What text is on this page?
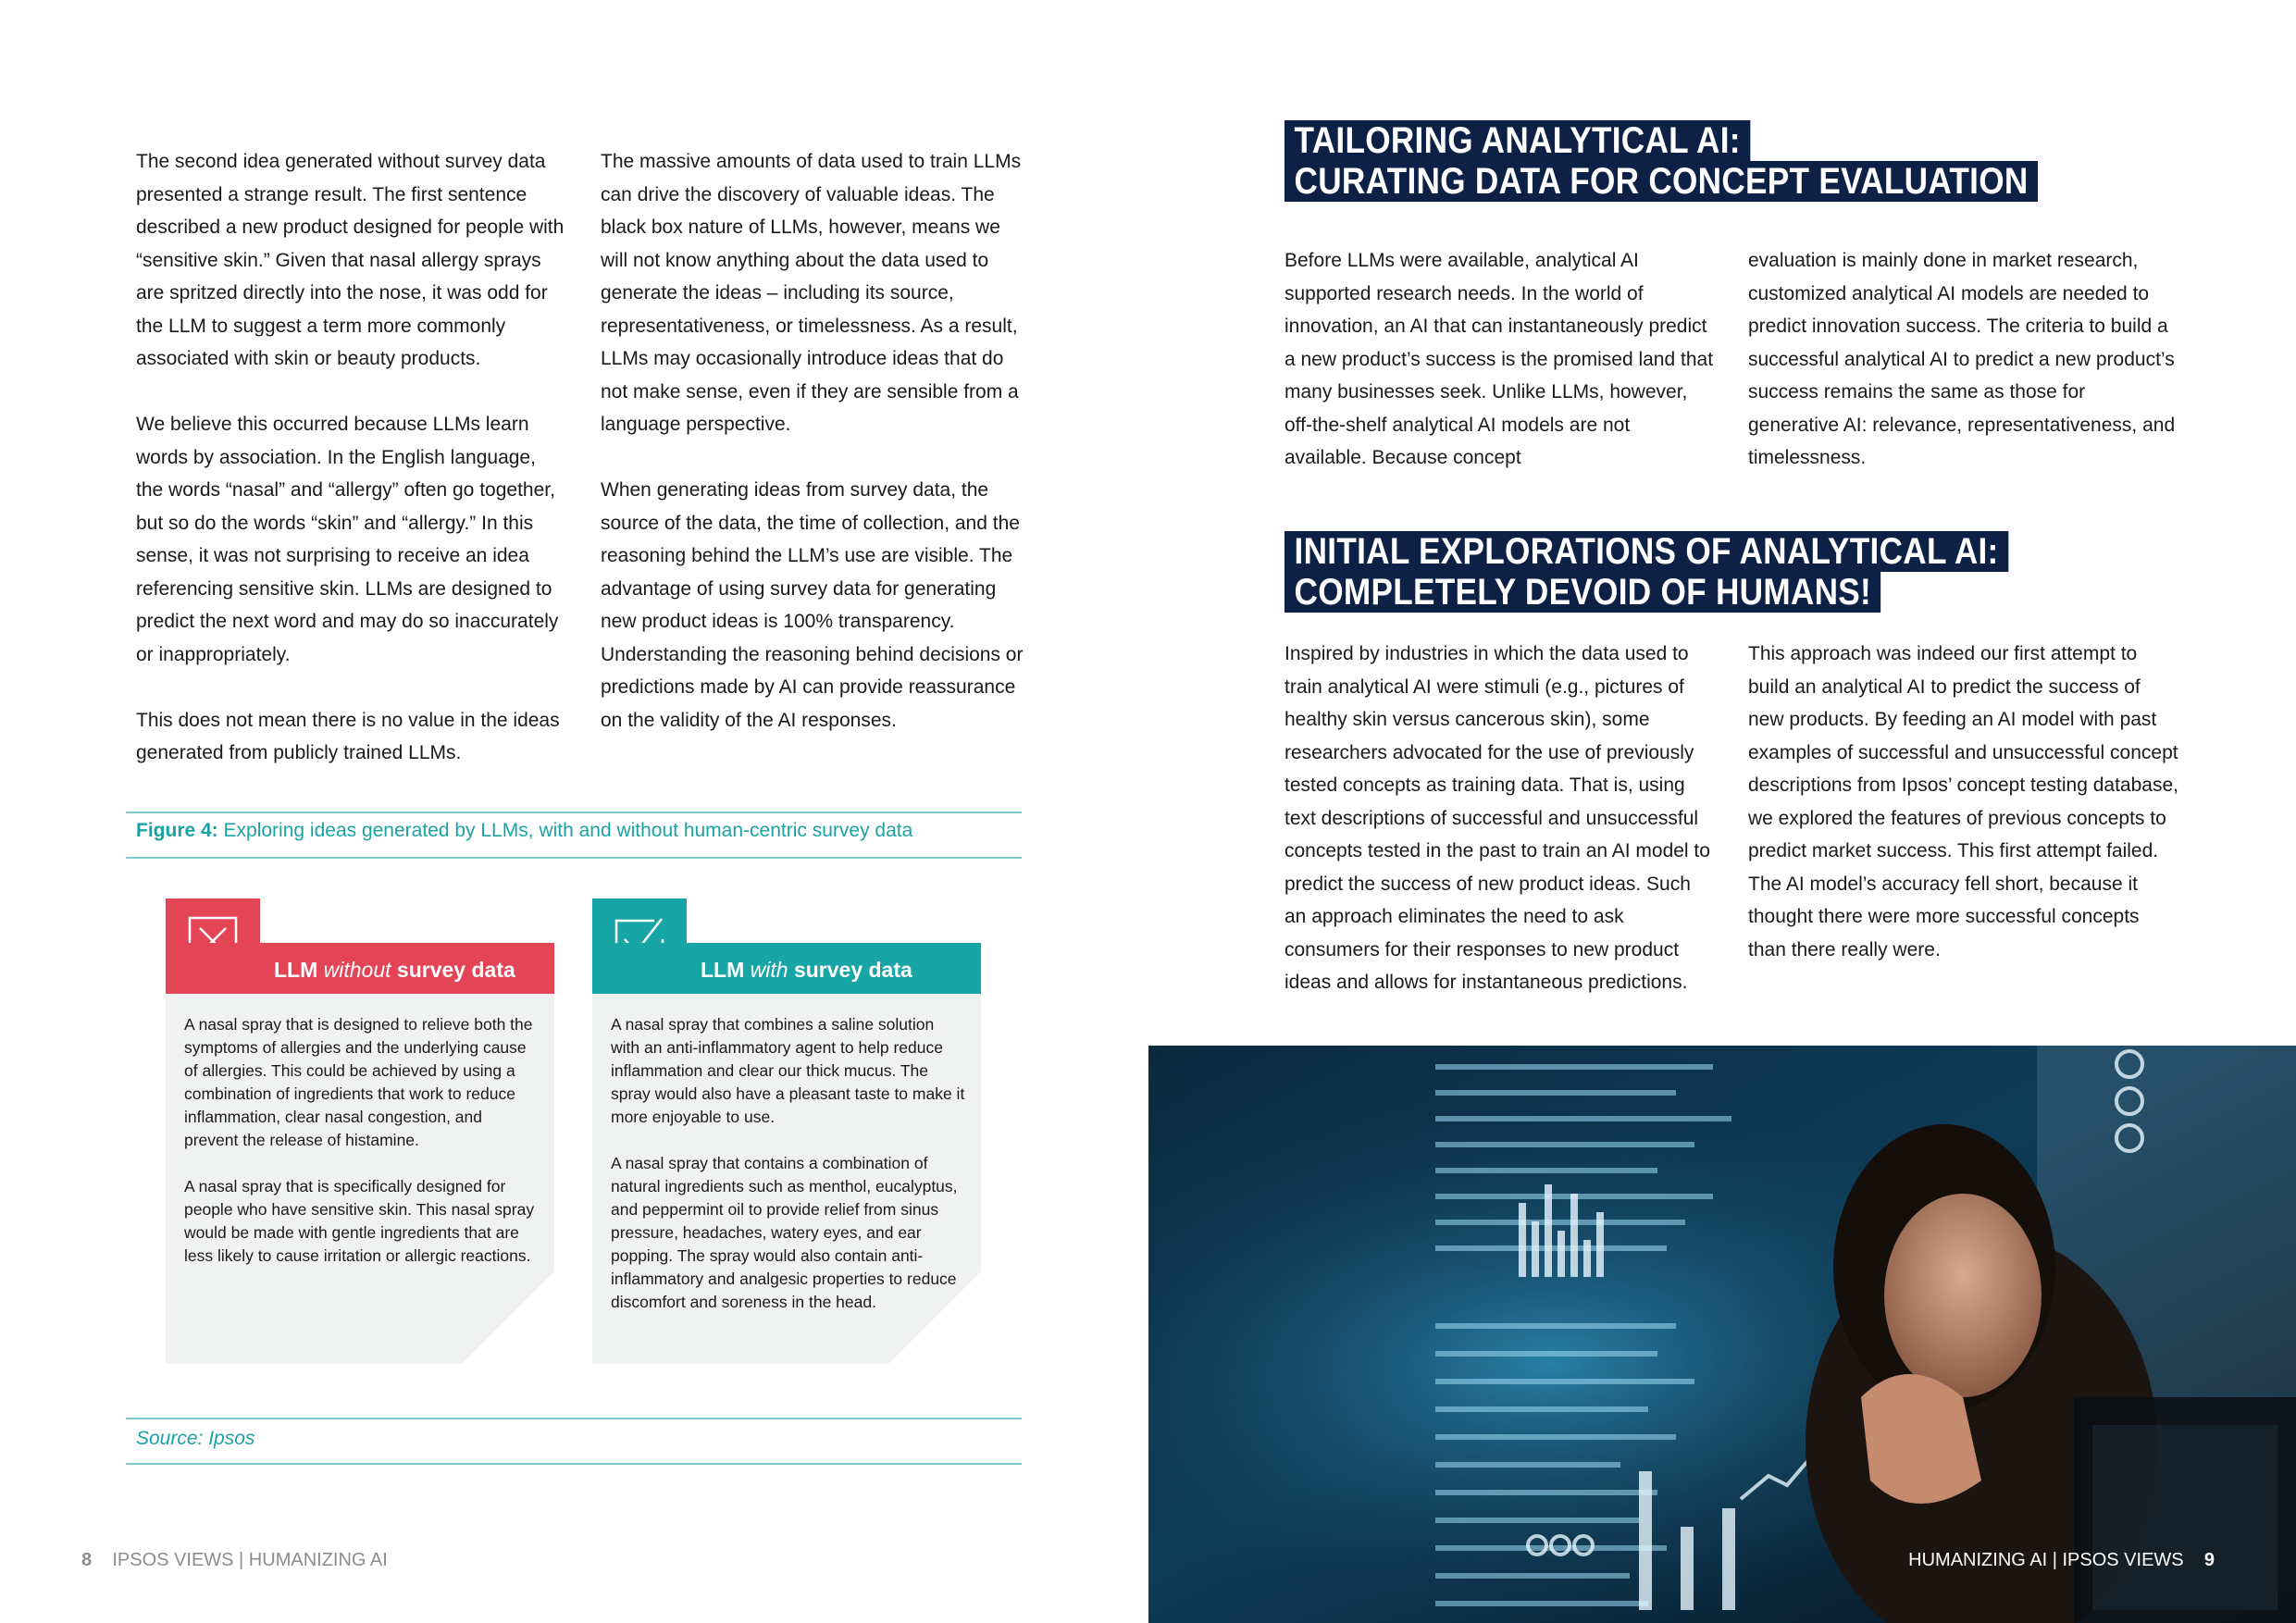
The second idea generated without survey data presented a strange result. The first sentence described a new product designed for people with “sensitive skin.” Given that nasal allergy sprays are spritzed directly into the nose, it was odd for the LLM to suggest a term more commonly associated with skin or beauty products.

We believe this occurred because LLMs learn words by association. In the English language, the words “nasal” and “allergy” often go together, but so do the words “skin” and “allergy.” In this sense, it was not surprising to receive an idea referencing sensitive skin. LLMs are designed to predict the next word and may do so inaccurately or inappropriately.

This does not mean there is no value in the ideas generated from publicly trained LLMs.

The massive amounts of data used to train LLMs can drive the discovery of valuable ideas. The black box nature of LLMs, however, means we will not know anything about the data used to generate the ideas – including its source, representativeness, or timelessness. As a result, LLMs may occasionally introduce ideas that do not make sense, even if they are sensible from a language perspective.

When generating ideas from survey data, the source of the data, the time of collection, and the reasoning behind the LLM’s use are visible. The advantage of using survey data for generating new product ideas is 100% transparency. Understanding the reasoning behind decisions or predictions made by AI can provide reassurance on the validity of the AI responses.

Figure 4: Exploring ideas generated by LLMs, with and without human-centric survey data
LLM without survey data

A nasal spray that is designed to relieve both the symptoms of allergies and the underlying cause of allergies. This could be achieved by using a combination of ingredients that work to reduce inflammation, clear nasal congestion, and prevent the release of histamine.

A nasal spray that is specifically designed for people who have sensitive skin. This nasal spray would be made with gentle ingredients that are less likely to cause irritation or allergic reactions.

LLM with survey data

A nasal spray that combines a saline solution with an anti-inflammatory agent to help reduce inflammation and clear our thick mucus. The spray would also have a pleasant taste to make it more enjoyable to use.

A nasal spray that contains a combination of natural ingredients such as menthol, eucalyptus, and peppermint oil to provide relief from sinus pressure, headaches, watery eyes, and ear popping. The spray would also contain anti-inflammatory and analgesic properties to reduce discomfort and soreness in the head.

Source: Ipsos
8 IPSOS VIEWS | HUMANIZING AI
TAILORING ANALYTICAL AI:
CURATING DATA FOR CONCEPT EVALUATION

Before LLMs were available, analytical AI supported research needs. In the world of innovation, an AI that can instantaneously predict a new product’s success is the promised land that many businesses seek. Unlike LLMs, however, off-the-shelf analytical AI models are not available. Because concept

evaluation is mainly done in market research, customized analytical AI models are needed to predict innovation success. The criteria to build a successful analytical AI to predict a new product’s success remains the same as those for generative AI: relevance, representativeness, and timelessness.

INITIAL EXPLORATIONS OF ANALYTICAL AI:
COMPLETELY DEVOID OF HUMANS!

Inspired by industries in which the data used to train analytical AI were stimuli (e.g., pictures of healthy skin versus cancerous skin), some researchers advocated for the use of previously tested concepts as training data. That is, using text descriptions of successful and unsuccessful concepts tested in the past to train an AI model to predict the success of new product ideas. Such an approach eliminates the need to ask consumers for their responses to new product ideas and allows for instantaneous predictions.

This approach was indeed our first attempt to build an analytical AI to predict the success of new products. By feeding an AI model with past examples of successful and unsuccessful concept descriptions from Ipsos’ concept testing database, we explored the features of previous concepts to predict market success. This first attempt failed. The AI model’s accuracy fell short, because it thought there were more successful concepts than there really were.

HUMANIZING AI | IPSOS VIEWS 9
